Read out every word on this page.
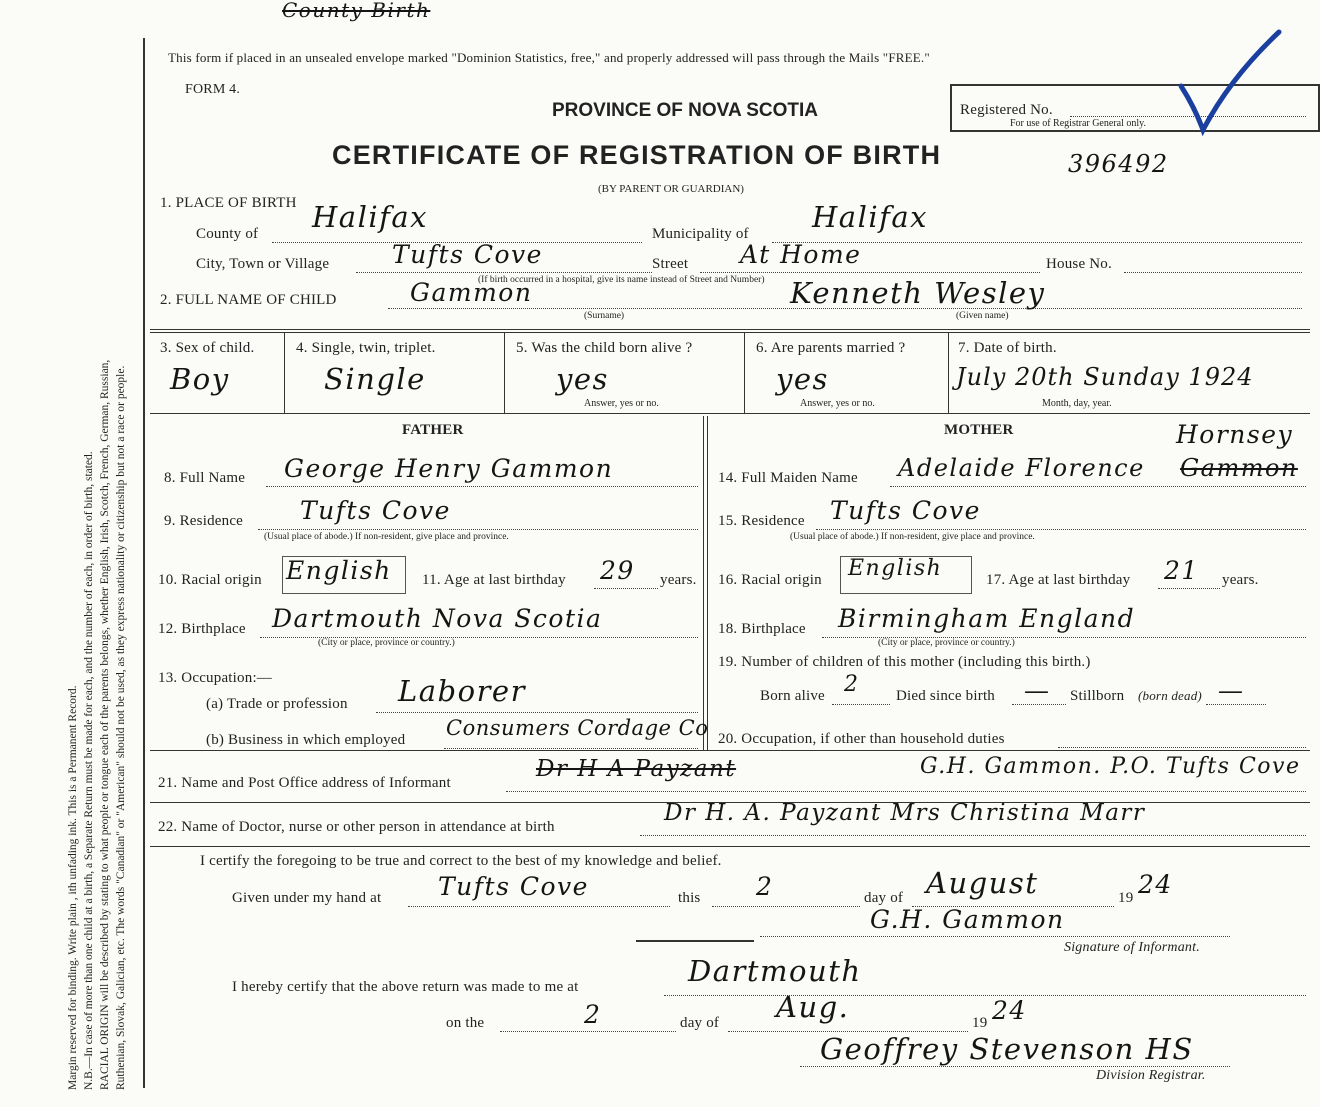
Margin reserved for binding. Write plain , ith unfading ink. This is a Permanent Record. N.B.—In case of more than one child at a birth, a Separate Return must be made for each, and the number of each, in order of birth, stated. RACIAL ORIGIN will be described by stating to what people or tongue each of the parents belongs, whether English, Irish, Scotch, French, German, Russian, Ruthenian, Slovak, Galician, etc. The words "Canadian" or "American" should not be used, as they express nationality or citizenship but not a race or people.
County Birth
This form if placed in an unsealed envelope marked "Dominion Statistics, free," and properly addressed will pass through the Mails "FREE."
FORM 4.
PROVINCE OF NOVA SCOTIA	Registered No.
For use of Registrar General only.
CERTIFICATE OF REGISTRATION OF BIRTH	396492
(BY PARENT OR GUARDIAN)
1. PLACE OF BIRTH
County of Halifax	Municipality of Halifax
City, Town or Village	Tufts Cove	Street At Home	House No.
(If birth occurred in a hospital, give its name instead of Street and Number)
2. FULL NAME OF CHILD	Gammon
(Surname)
Kenneth Wesley
(Given name)
3. Sex of child.
Boy
4. Single, twin, triplet.
Single
5. Was the child born alive ?
yes
Answer, yes or no.
6. Are parents married ?
yes
Answer, yes or no.
7. Date of birth.
July 20th Sunday 1924
Month, day, year.
FATHER	MOTHER
8. Full Name George Henry Gammon
9. Residence Tufts Cove
(Usual place of abode.) If non-resident, give place and province.
10. Racial origin English 11. Age at last birthday 29 years.
12. Birthplace Dartmouth Nova Scotia
(City or place, province or country.)
13. Occupation:—
(a) Trade or profession Laborer
(b) Business in which employed Consumers Cordage Co
14. Full Maiden Name Adelaide Florence Gammon
Hornsey
15. Residence Tufts Cove
(Usual place of abode.) If non-resident, give place and province.
16. Racial origin English	17. Age at last birthday 21 years.
18. Birthplace Birmingham England
(City or place, province or country.)
19. Number of children of this mother (including this birth.)
Born alive 2 Died since birth — Stillborn (born dead) —
20. Occupation, if other than household duties
21. Name and Post Office address of Informant
Dr H A Payzant	G.H. Gammon. P.O. Tufts Cove
22. Name of Doctor, nurse or other person in attendance at birth
Dr H. A. Payzant Mrs Christina Marr
I certify the foregoing to be true and correct to the best of my knowledge and belief.
Given under my hand at Tufts Cove	this 2	day of August	19 24
G.H. Gammon
Signature of Informant.
I hereby certify that the above return was made to me at	Dartmouth
on the	2	day of Aug.	19 24
Geoffrey Stevenson HS
Division Registrar.
